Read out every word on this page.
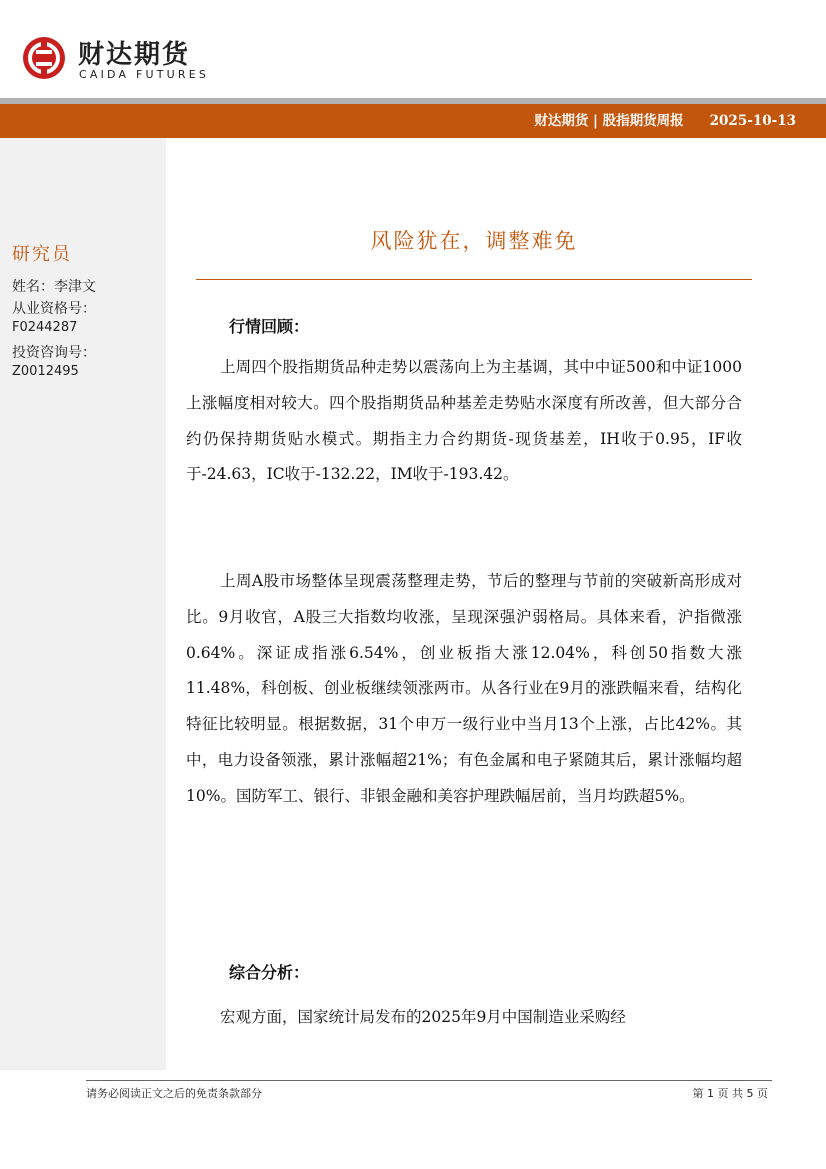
财达期货
CAIDA FUTURES
财达期货 | 股指期货周报 2025-10-13
研究员
姓名：李津文
从业资格号：
F0244287
投资咨询号：
Z0012495
风险犹在，调整难免
行情回顾：
上周四个股指期货品种走势以震荡向上为主基调，其中中证500和中证1000上涨幅度相对较大。四个股指期货品种基差走势贴水深度有所改善，但大部分合约仍保持期货贴水模式。期指主力合约期货-现货基差，IH收于0.95，IF收于-24.63，IC收于-132.22，IM收于-193.42。
上周A股市场整体呈现震荡整理走势，节后的整理与节前的突破新高形成对比。9月收官，A股三大指数均收涨，呈现深强沪弱格局。具体来看，沪指微涨0.64%。深证成指涨6.54%，创业板指大涨12.04%，科创50指数大涨11.48%，科创板、创业板继续领涨两市。从各行业在9月的涨跌幅来看，结构化特征比较明显。根据数据，31个申万一级行业中当月13个上涨，占比42%。其中，电力设备领涨，累计涨幅超21%；有色金属和电子紧随其后，累计涨幅均超10%。国防军工、银行、非银金融和美容护理跌幅居前，当月均跌超5%。
综合分析：
宏观方面，国家统计局发布的2025年9月中国制造业采购经
请务必阅读正文之后的免责条款部分	第 1 页 共 5 页
